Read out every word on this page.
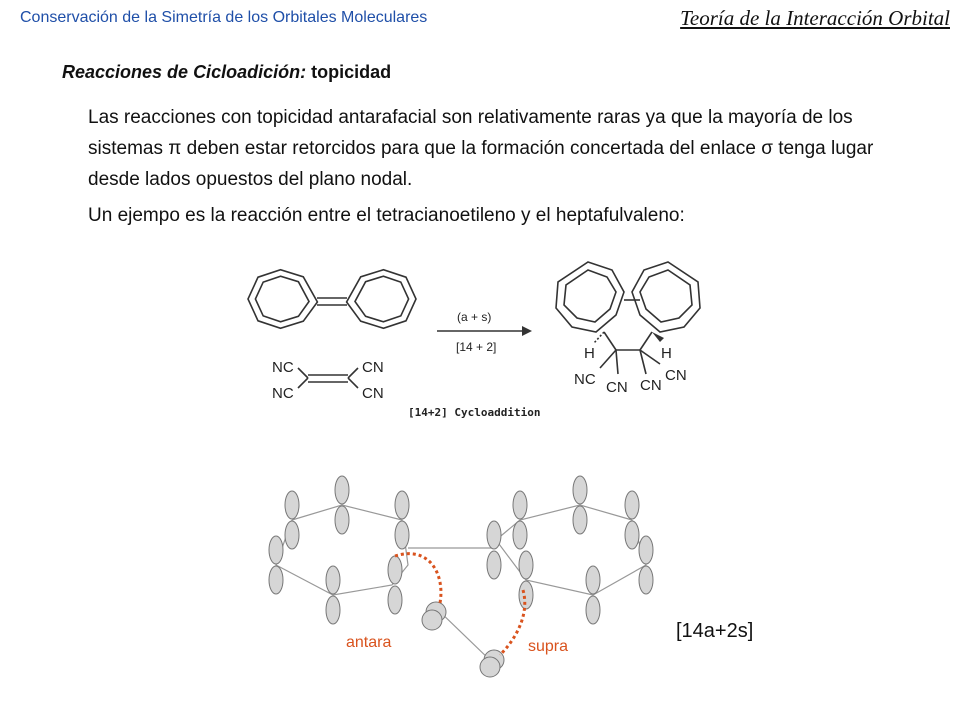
Conservación de la Simetría de los Orbitales Moleculares	Teoría de la Interacción Orbital
Reacciones de Cicloadición: topicidad

Las reacciones con topicidad antarafacial son relativamente raras ya que la mayoría de los sistemas π deben estar retorcidos para que la formación concertada del enlace σ tenga lugar desde lados opuestos del plano nodal.

Un ejempo es la reacción entre el tetracianoetileno y el heptafulvaleno:

NC	CN
NC	CN
(a + s)
[14 + 2]	H	H
NC CN CN
CN
[14+2] Cycloaddition
antara	supra
[14a+2s]
